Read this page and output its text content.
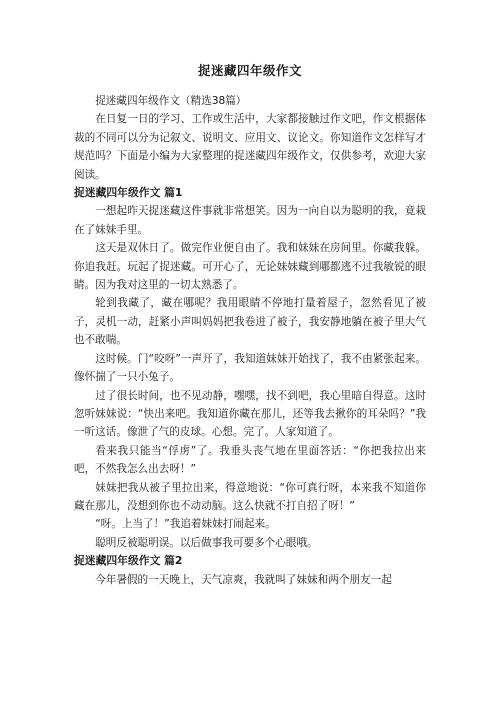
捉迷藏四年级作文

捉迷藏四年级作文（精选38篇）

在日复一日的学习、工作或生活中，大家都接触过作文吧，作文根据体裁的不同可以分为记叙文、说明文、应用文、议论文。你知道作文怎样写才规范吗？下面是小编为大家整理的捉迷藏四年级作文，仅供参考，欢迎大家阅读。

捉迷藏四年级作文 篇1

一想起昨天捉迷藏这件事就非常想笑。因为一向自以为聪明的我，竟栽在了妹妹手里。

这天是双休日了。做完作业便自由了。我和妹妹在房间里。你藏我躲。你追我赶。玩起了捉迷藏。可开心了，无论妹妹藏到哪都逃不过我敏锐的眼睛。因为我对这里的一切太熟悉了。

轮到我藏了，藏在哪呢？我用眼睛不停地打量着屋子，忽然看见了被子，灵机一动，赶紧小声叫妈妈把我卷进了被子，我安静地躺在被子里大气也不敢喘。

这时候。门“咬呀”一声开了，我知道妹妹开始找了，我不由紧张起来。像怀揣了一只小兔子。

过了很长时间，也不见动静，嘿嘿，找不到吧，我心里暗自得意。这时忽听妹妹说：“快出来吧。我知道你藏在那儿，还等我去揪你的耳朵吗？”我一听这话。像泄了气的皮球。心想。完了。人家知道了。

看来我只能当“俘虏”了。我垂头丧气地在里面答话：“你把我拉出来吧，不然我怎么出去呀！”

妹妹把我从被子里拉出来，得意地说：“你可真行呀，本来我不知道你藏在那儿，没想到你也不动动脑。这么快就不打自招了呀！”

“呀。上当了！”我追着妹妹打闹起来。

聪明反被聪明误。以后做事我可要多个心眼哦。

捉迷藏四年级作文 篇2

今年暑假的一天晚上，天气凉爽，我就叫了妹妹和两个朋友一起
